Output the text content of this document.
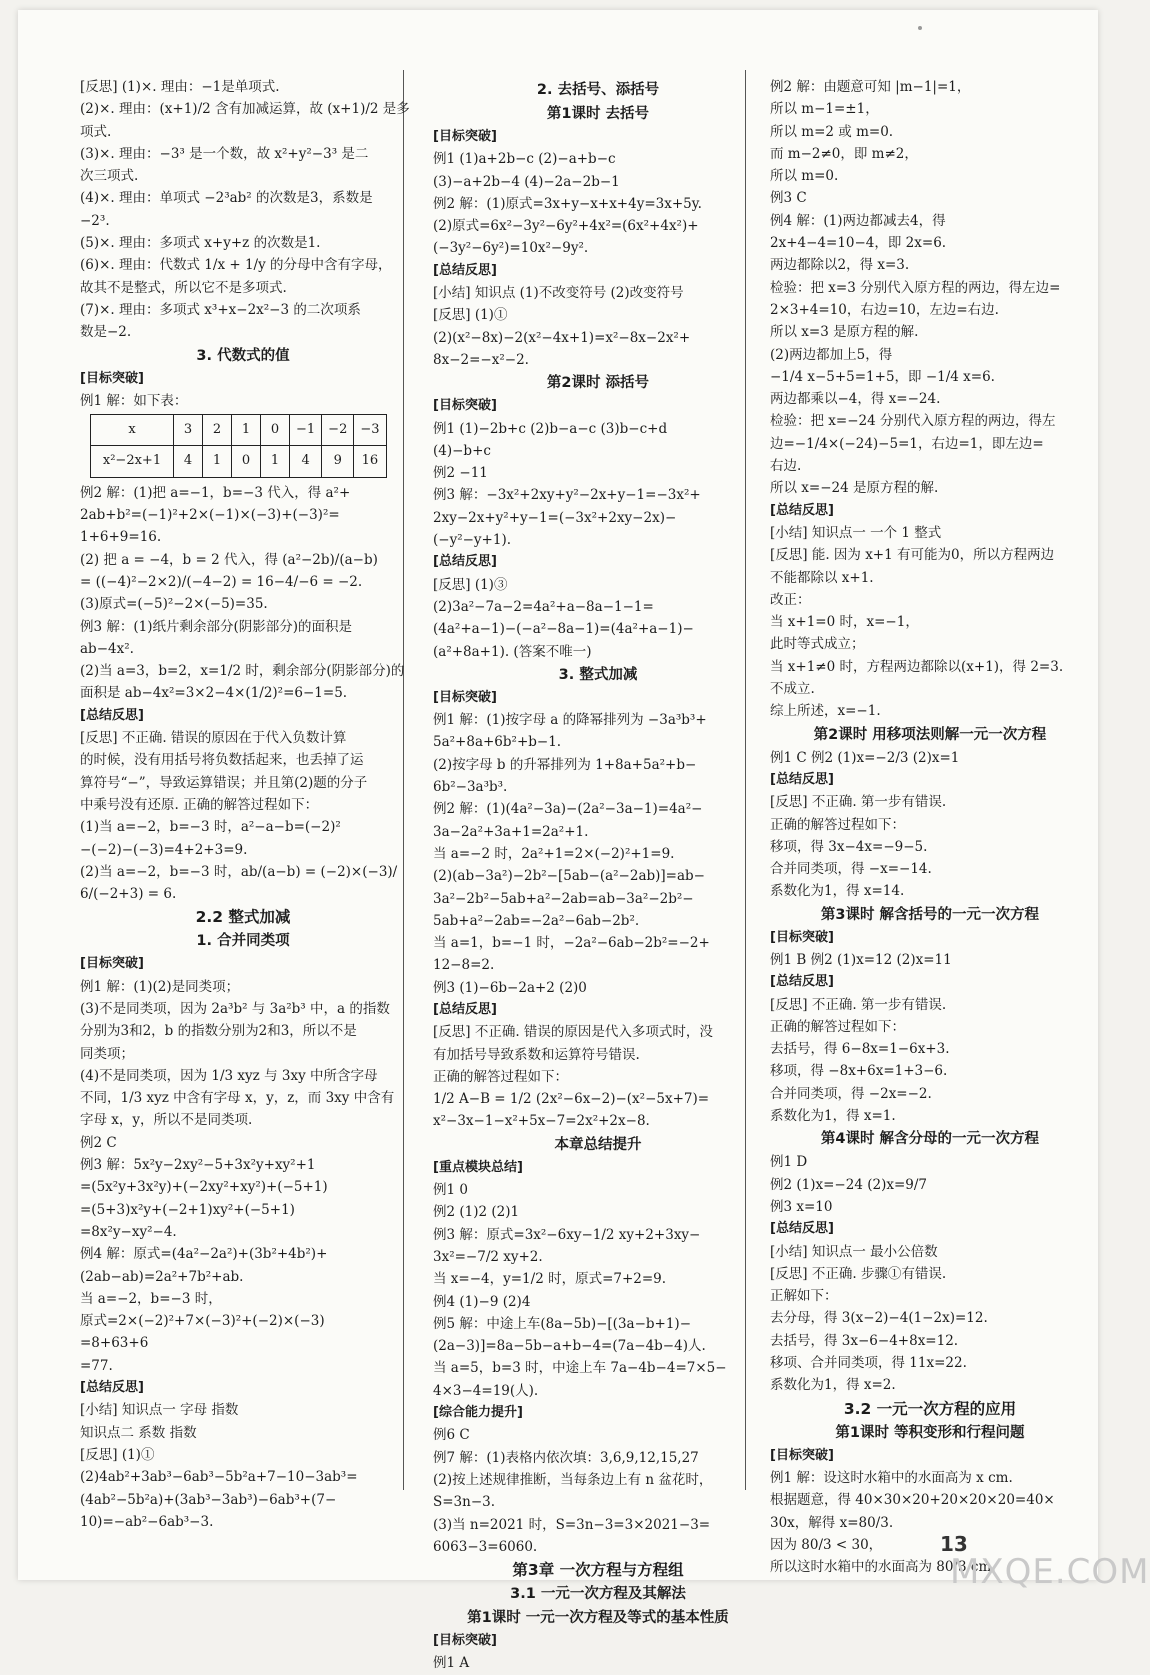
[反思] (1)×. 理由：−1是单项式.
(2)×. 理由：(x+1)/2 含有加减运算，故 (x+1)/2 是多
项式.
(3)×. 理由：−3³ 是一个数，故 x²+y²−3³ 是二
次三项式.
(4)×. 理由：单项式 −2³ab² 的次数是3，系数是
−2³.
(5)×. 理由：多项式 x+y+z 的次数是1.
(6)×. 理由：代数式 1/x + 1/y 的分母中含有字母，
故其不是整式，所以它不是多项式.
(7)×. 理由：多项式 x³+x−2x²−3 的二次项系
数是−2.
3. 代数式的值
[目标突破]
例1 解：如下表：
x	3	2	1	0	−1	−2	−3
x²−2x+1	4	1	0	1	4	9	16
例2 解：(1)把 a=−1，b=−3 代入，得 a²+
2ab+b²=(−1)²+2×(−1)×(−3)+(−3)²=
1+6+9=16.
(2) 把 a = −4，b = 2 代入，得 (a²−2b)/(a−b)
= ((−4)²−2×2)/(−4−2) = 16−4/−6 = −2.
(3)原式=(−5)²−2×(−5)=35.
例3 解：(1)纸片剩余部分(阴影部分)的面积是
ab−4x².
(2)当 a=3，b=2，x=1/2 时，剩余部分(阴影部分)的
面积是 ab−4x²=3×2−4×(1/2)²=6−1=5.
[总结反思]
[反思] 不正确. 错误的原因在于代入负数计算
的时候，没有用括号将负数括起来，也丢掉了运
算符号“−”，导致运算错误；并且第(2)题的分子
中乘号没有还原. 正确的解答过程如下：
(1)当 a=−2，b=−3 时，a²−a−b=(−2)²
−(−2)−(−3)=4+2+3=9.
(2)当 a=−2，b=−3 时，ab/(a−b) = (−2)×(−3)/
6/(−2+3) = 6.
2.2 整式加减
1. 合并同类项
[目标突破]
例1 解：(1)(2)是同类项；
(3)不是同类项，因为 2a³b² 与 3a²b³ 中，a 的指数
分别为3和2，b 的指数分别为2和3，所以不是
同类项；
(4)不是同类项，因为 1/3 xyz 与 3xy 中所含字母
不同，1/3 xyz 中含有字母 x，y，z，而 3xy 中含有
字母 x，y，所以不是同类项.
例2 C
例3 解：5x²y−2xy²−5+3x²y+xy²+1
=(5x²y+3x²y)+(−2xy²+xy²)+(−5+1)
=(5+3)x²y+(−2+1)xy²+(−5+1)
=8x²y−xy²−4.
例4 解：原式=(4a²−2a²)+(3b²+4b²)+
(2ab−ab)=2a²+7b²+ab.
当 a=−2，b=−3 时，
原式=2×(−2)²+7×(−3)²+(−2)×(−3)
=8+63+6
=77.
[总结反思]
[小结] 知识点一 字母 指数
知识点二 系数 指数
[反思] (1)①
(2)4ab²+3ab³−6ab³−5b²a+7−10−3ab³=
(4ab²−5b²a)+(3ab³−3ab³)−6ab³+(7−
10)=−ab²−6ab³−3.
2. 去括号、添括号
第1课时 去括号
[目标突破]
例1 (1)a+2b−c (2)−a+b−c
(3)−a+2b−4 (4)−2a−2b−1
例2 解：(1)原式=3x+y−x+x+4y=3x+5y.
(2)原式=6x²−3y²−6y²+4x²=(6x²+4x²)+
(−3y²−6y²)=10x²−9y².
[总结反思]
[小结] 知识点 (1)不改变符号 (2)改变符号
[反思] (1)①
(2)(x²−8x)−2(x²−4x+1)=x²−8x−2x²+
8x−2=−x²−2.
第2课时 添括号
[目标突破]
例1 (1)−2b+c (2)b−a−c (3)b−c+d
(4)−b+c
例2 −11
例3 解：−3x²+2xy+y²−2x+y−1=−3x²+
2xy−2x+y²+y−1=(−3x²+2xy−2x)−
(−y²−y+1).
[总结反思]
[反思] (1)③
(2)3a²−7a−2=4a²+a−8a−1−1=
(4a²+a−1)−(−a²−8a−1)=(4a²+a−1)−
(a²+8a+1). (答案不唯一)
3. 整式加减
[目标突破]
例1 解：(1)按字母 a 的降幂排列为 −3a³b³+
5a²+8a+6b²+b−1.
(2)按字母 b 的升幂排列为 1+8a+5a²+b−
6b²−3a³b³.
例2 解：(1)(4a²−3a)−(2a²−3a−1)=4a²−
3a−2a²+3a+1=2a²+1.
当 a=−2 时，2a²+1=2×(−2)²+1=9.
(2)(ab−3a²)−2b²−[5ab−(a²−2ab)]=ab−
3a²−2b²−5ab+a²−2ab=ab−3a²−2b²−
5ab+a²−2ab=−2a²−6ab−2b².
当 a=1，b=−1 时，−2a²−6ab−2b²=−2+
12−8=2.
例3 (1)−6b−2a+2 (2)0
[总结反思]
[反思] 不正确. 错误的原因是代入多项式时，没
有加括号导致系数和运算符号错误.
正确的解答过程如下：
1/2 A−B = 1/2 (2x²−6x−2)−(x²−5x+7)=
x²−3x−1−x²+5x−7=2x²+2x−8.
本章总结提升
[重点模块总结]
例1 0
例2 (1)2 (2)1
例3 解：原式=3x²−6xy−1/2 xy+2+3xy−
3x²=−7/2 xy+2.
当 x=−4，y=1/2 时，原式=7+2=9.
例4 (1)−9 (2)4
例5 解：中途上车(8a−5b)−[(3a−b+1)−
(2a−3)]=8a−5b−a+b−4=(7a−4b−4)人.
当 a=5，b=3 时，中途上车 7a−4b−4=7×5−
4×3−4=19(人).
[综合能力提升]
例6 C
例7 解：(1)表格内依次填：3,6,9,12,15,27
(2)按上述规律推断，当每条边上有 n 盆花时，
S=3n−3.
(3)当 n=2021 时，S=3n−3=3×2021−3=
6063−3=6060.
第3章 一次方程与方程组
3.1 一元一次方程及其解法
第1课时 一元一次方程及等式的基本性质
[目标突破]
例1 A
例2 解：由题意可知 |m−1|=1，
所以 m−1=±1，
所以 m=2 或 m=0.
而 m−2≠0，即 m≠2，
所以 m=0.
例3 C
例4 解：(1)两边都减去4，得
2x+4−4=10−4，即 2x=6.
两边都除以2，得 x=3.
检验：把 x=3 分别代入原方程的两边，得左边=
2×3+4=10，右边=10，左边=右边.
所以 x=3 是原方程的解.
(2)两边都加上5，得
−1/4 x−5+5=1+5，即 −1/4 x=6.
两边都乘以−4，得 x=−24.
检验：把 x=−24 分别代入原方程的两边，得左
边=−1/4×(−24)−5=1，右边=1，即左边=
右边.
所以 x=−24 是原方程的解.
[总结反思]
[小结] 知识点一 一个 1 整式
[反思] 能. 因为 x+1 有可能为0，所以方程两边
不能都除以 x+1.
改正：
当 x+1=0 时，x=−1，
此时等式成立；
当 x+1≠0 时，方程两边都除以(x+1)，得 2=3.
不成立.
综上所述，x=−1.
第2课时 用移项法则解一元一次方程
例1 C 例2 (1)x=−2/3 (2)x=1
[总结反思]
[反思] 不正确. 第一步有错误.
正确的解答过程如下：
移项，得 3x−4x=−9−5.
合并同类项，得 −x=−14.
系数化为1，得 x=14.
第3课时 解含括号的一元一次方程
[目标突破]
例1 B 例2 (1)x=12 (2)x=11
[总结反思]
[反思] 不正确. 第一步有错误.
正确的解答过程如下：
去括号，得 6−8x=1−6x+3.
移项，得 −8x+6x=1+3−6.
合并同类项，得 −2x=−2.
系数化为1，得 x=1.
第4课时 解含分母的一元一次方程
例1 D
例2 (1)x=−24 (2)x=9/7
例3 x=10
[总结反思]
[小结] 知识点一 最小公倍数
[反思] 不正确. 步骤①有错误.
正解如下：
去分母，得 3(x−2)−4(1−2x)=12.
去括号，得 3x−6−4+8x=12.
移项、合并同类项，得 11x=22.
系数化为1，得 x=2.
3.2 一元一次方程的应用
第1课时 等积变形和行程问题
[目标突破]
例1 解：设这时水箱中的水面高为 x cm.
根据题意，得 40×30×20+20×20×20=40×
30x，解得 x=80/3.
因为 80/3 < 30，
所以这时水箱中的水面高为 80/3 cm.
13
MXQE.COM
